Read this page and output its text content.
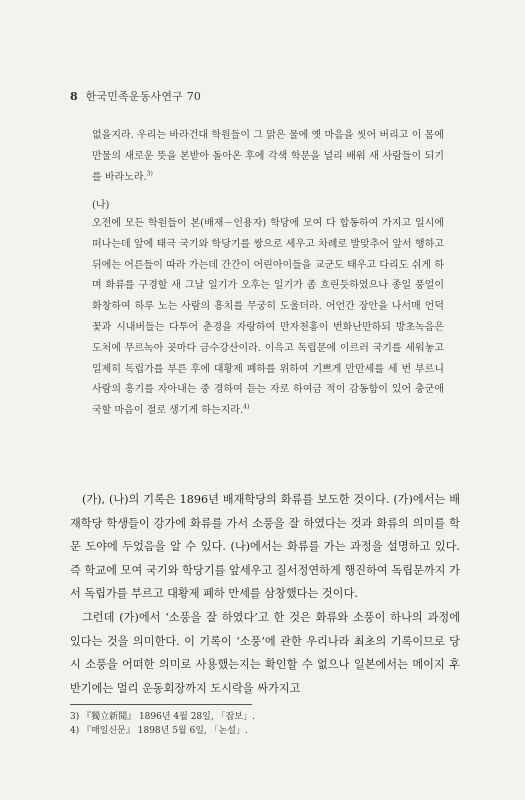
8 한국민족운동사연구 70

없을지라. 우리는 바라건대 학원들이 그 맑은 물에 옛 마음을 씻어 버리고 이 몸에 만물의 새로운 뜻을 본받아 돌아온 후에 각색 학문을 널리 배워 새 사람들이 되기를 바라노라.$^{3)}$

(나)

오전에 모든 학원들이 본(배재－인용자) 학당에 모여 다 합동하여 가지고 일시에 떠나는데 앞에 태극 국기와 학당기를 쌍으로 세우고 차례로 발맞추어 앞서 행하고 뒤에는 어른들이 따라 가는데 간간이 어린아이들을 교군도 태우고 다리도 쉬게 하며 화류를 구경할 새 그날 일기가 오후는 일기가 좀 흐린듯하였으나 종일 풍얼이 화창하여 하루 노는 사람의 흥치를 무궁히 도울더라. 어언간 장안을 나서매 언덕 꽃과 시내버들는 다투어 춘경을 자랑하여 만자천홍이 번화난만하되 방초녹음은 도처에 무르녹아 곳마다 금수강산이라. 이윽고 독립문에 이르러 국기를 세워놓고 일제히 독립가를 부른 후에 대황제 폐하를 위하여 기쁘게 만만세를 세 번 부르니 사람의 흥기를 자아내는 중 경하여 듣는 자로 하여금 적이 감동함이 있어 충군애국할 마음이 절로 생기게 하는지라.$^{4)}$

(가), (나)의 기록은 1896년 배재학당의 화류를 보도한 것이다. (가)에서는 배재학당 학생들이 강가에 화류를 가서 소풍을 잘 하였다는 것과 화류의 의미를 학문 도야에 두었음을 알 수 있다. (나)에서는 화류를 가는 과정을 설명하고 있다. 즉 학교에 모여 국기와 학당기를 앞세우고 질서정연하게 행진하여 독립문까지 가서 독립가를 부르고 대황제 폐하 만세를 삼창했다는 것이다.

그런데 (가)에서 ‘소풍을 잘 하였다’고 한 것은 화류와 소풍이 하나의 과정에 있다는 것을 의미한다. 이 기록이 ‘소풍’에 관한 우리나라 최초의 기록이므로 당시 소풍을 어떠한 의미로 사용했는지는 확인할 수 없으나 일본에서는 메이지 후반기에는 멀리 운동회장까지 도시락을 싸가지고

3) 『獨立新聞』 1896년 4월 28일, 「잡보」.
4) 『매일신문』 1898년 5월 6일, 「논설」.
